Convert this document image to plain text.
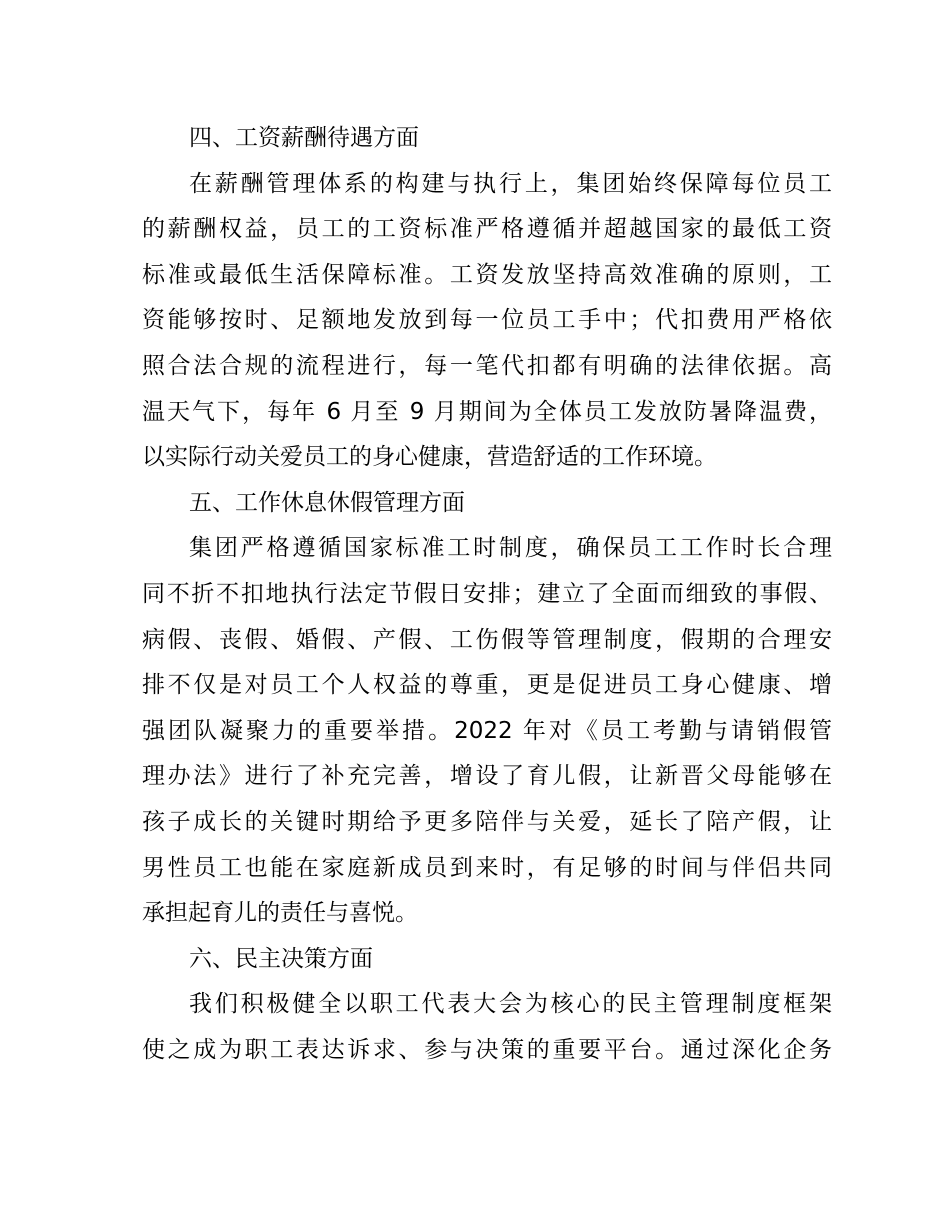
四、工资薪酬待遇方面
在薪酬管理体系的构建与执行上，集团始终保障每位员工
的薪酬权益，员工的工资标准严格遵循并超越国家的最低工资
标准或最低生活保障标准。工资发放坚持高效准确的原则，工
资能够按时、足额地发放到每一位员工手中；代扣费用严格依
照合法合规的流程进行，每一笔代扣都有明确的法律依据。高
温天气下，每年 6 月至 9 月期间为全体员工发放防暑降温费，
以实际行动关爱员工的身心健康，营造舒适的工作环境。
五、工作休息休假管理方面
集团严格遵循国家标准工时制度，确保员工工作时长合理
同不折不扣地执行法定节假日安排；建立了全面而细致的事假、
病假、丧假、婚假、产假、工伤假等管理制度，假期的合理安
排不仅是对员工个人权益的尊重，更是促进员工身心健康、增
强团队凝聚力的重要举措。2022 年对《员工考勤与请销假管
理办法》进行了补充完善，增设了育儿假，让新晋父母能够在
孩子成长的关键时期给予更多陪伴与关爱，延长了陪产假，让
男性员工也能在家庭新成员到来时，有足够的时间与伴侣共同
承担起育儿的责任与喜悦。
六、民主决策方面
我们积极健全以职工代表大会为核心的民主管理制度框架
使之成为职工表达诉求、参与决策的重要平台。通过深化企务
